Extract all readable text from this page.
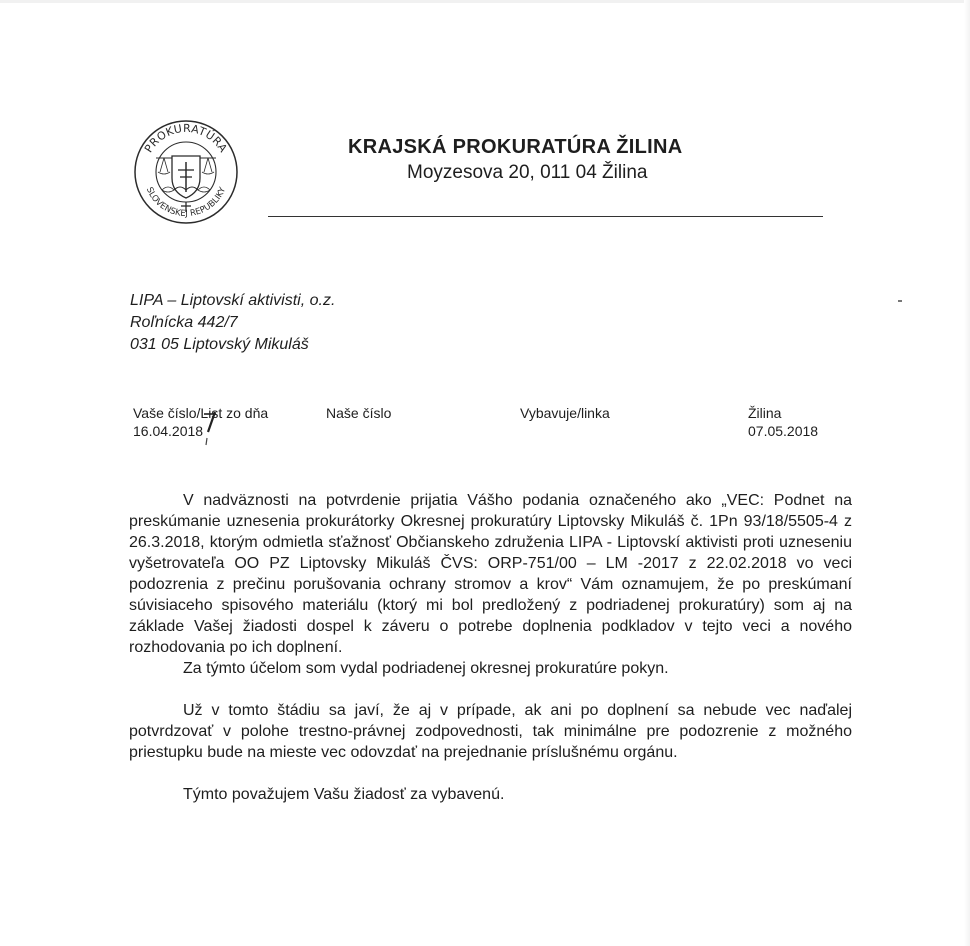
PROKURATÚRA
SLOVENSKEJ REPUBLIKY
KRAJSKÁ PROKURATÚRA ŽILINA
Moyzesova 20, 011 04 Žilina
LIPA – Liptovskí aktivisti, o.z.
Roľnícka 442/7
031 05 Liptovský Mikuláš
Vaše číslo/List zo dňa
16.04.2018
Naše číslo	Vybavuje/linka	Žilina
07.05.2018

V nadväznosti na potvrdenie prijatia Vášho podania označeného ako „VEC: Podnet na preskúmanie uznesenia prokurátorky Okresnej prokuratúry Liptovsky Mikuláš č. 1Pn 93/18/5505-4 z 26.3.2018, ktorým odmietla sťažnosť Občianskeho združenia LIPA - Liptovskí aktivisti proti uzneseniu vyšetrovateľa OO PZ Liptovsky Mikuláš ČVS: ORP-751/00 – LM -2017 z 22.02.2018 vo veci podozrenia z prečinu porušovania ochrany stromov a krov“ Vám oznamujem, že po preskúmaní súvisiaceho spisového materiálu (ktorý mi bol predložený z podriadenej prokuratúry) som aj na základe Vašej žiadosti dospel k záveru o potrebe doplnenia podkladov v tejto veci a nového rozhodovania po ich doplnení.

Za týmto účelom som vydal podriadenej okresnej prokuratúre pokyn.

Už v tomto štádiu sa javí, že aj v prípade, ak ani po doplnení sa nebude vec naďalej potvrdzovať v polohe trestno-právnej zodpovednosti, tak minimálne pre podozrenie z možného priestupku bude na mieste vec odovzdať na prejednanie príslušnému orgánu.

Týmto považujem Vašu žiadosť za vybavenú.
